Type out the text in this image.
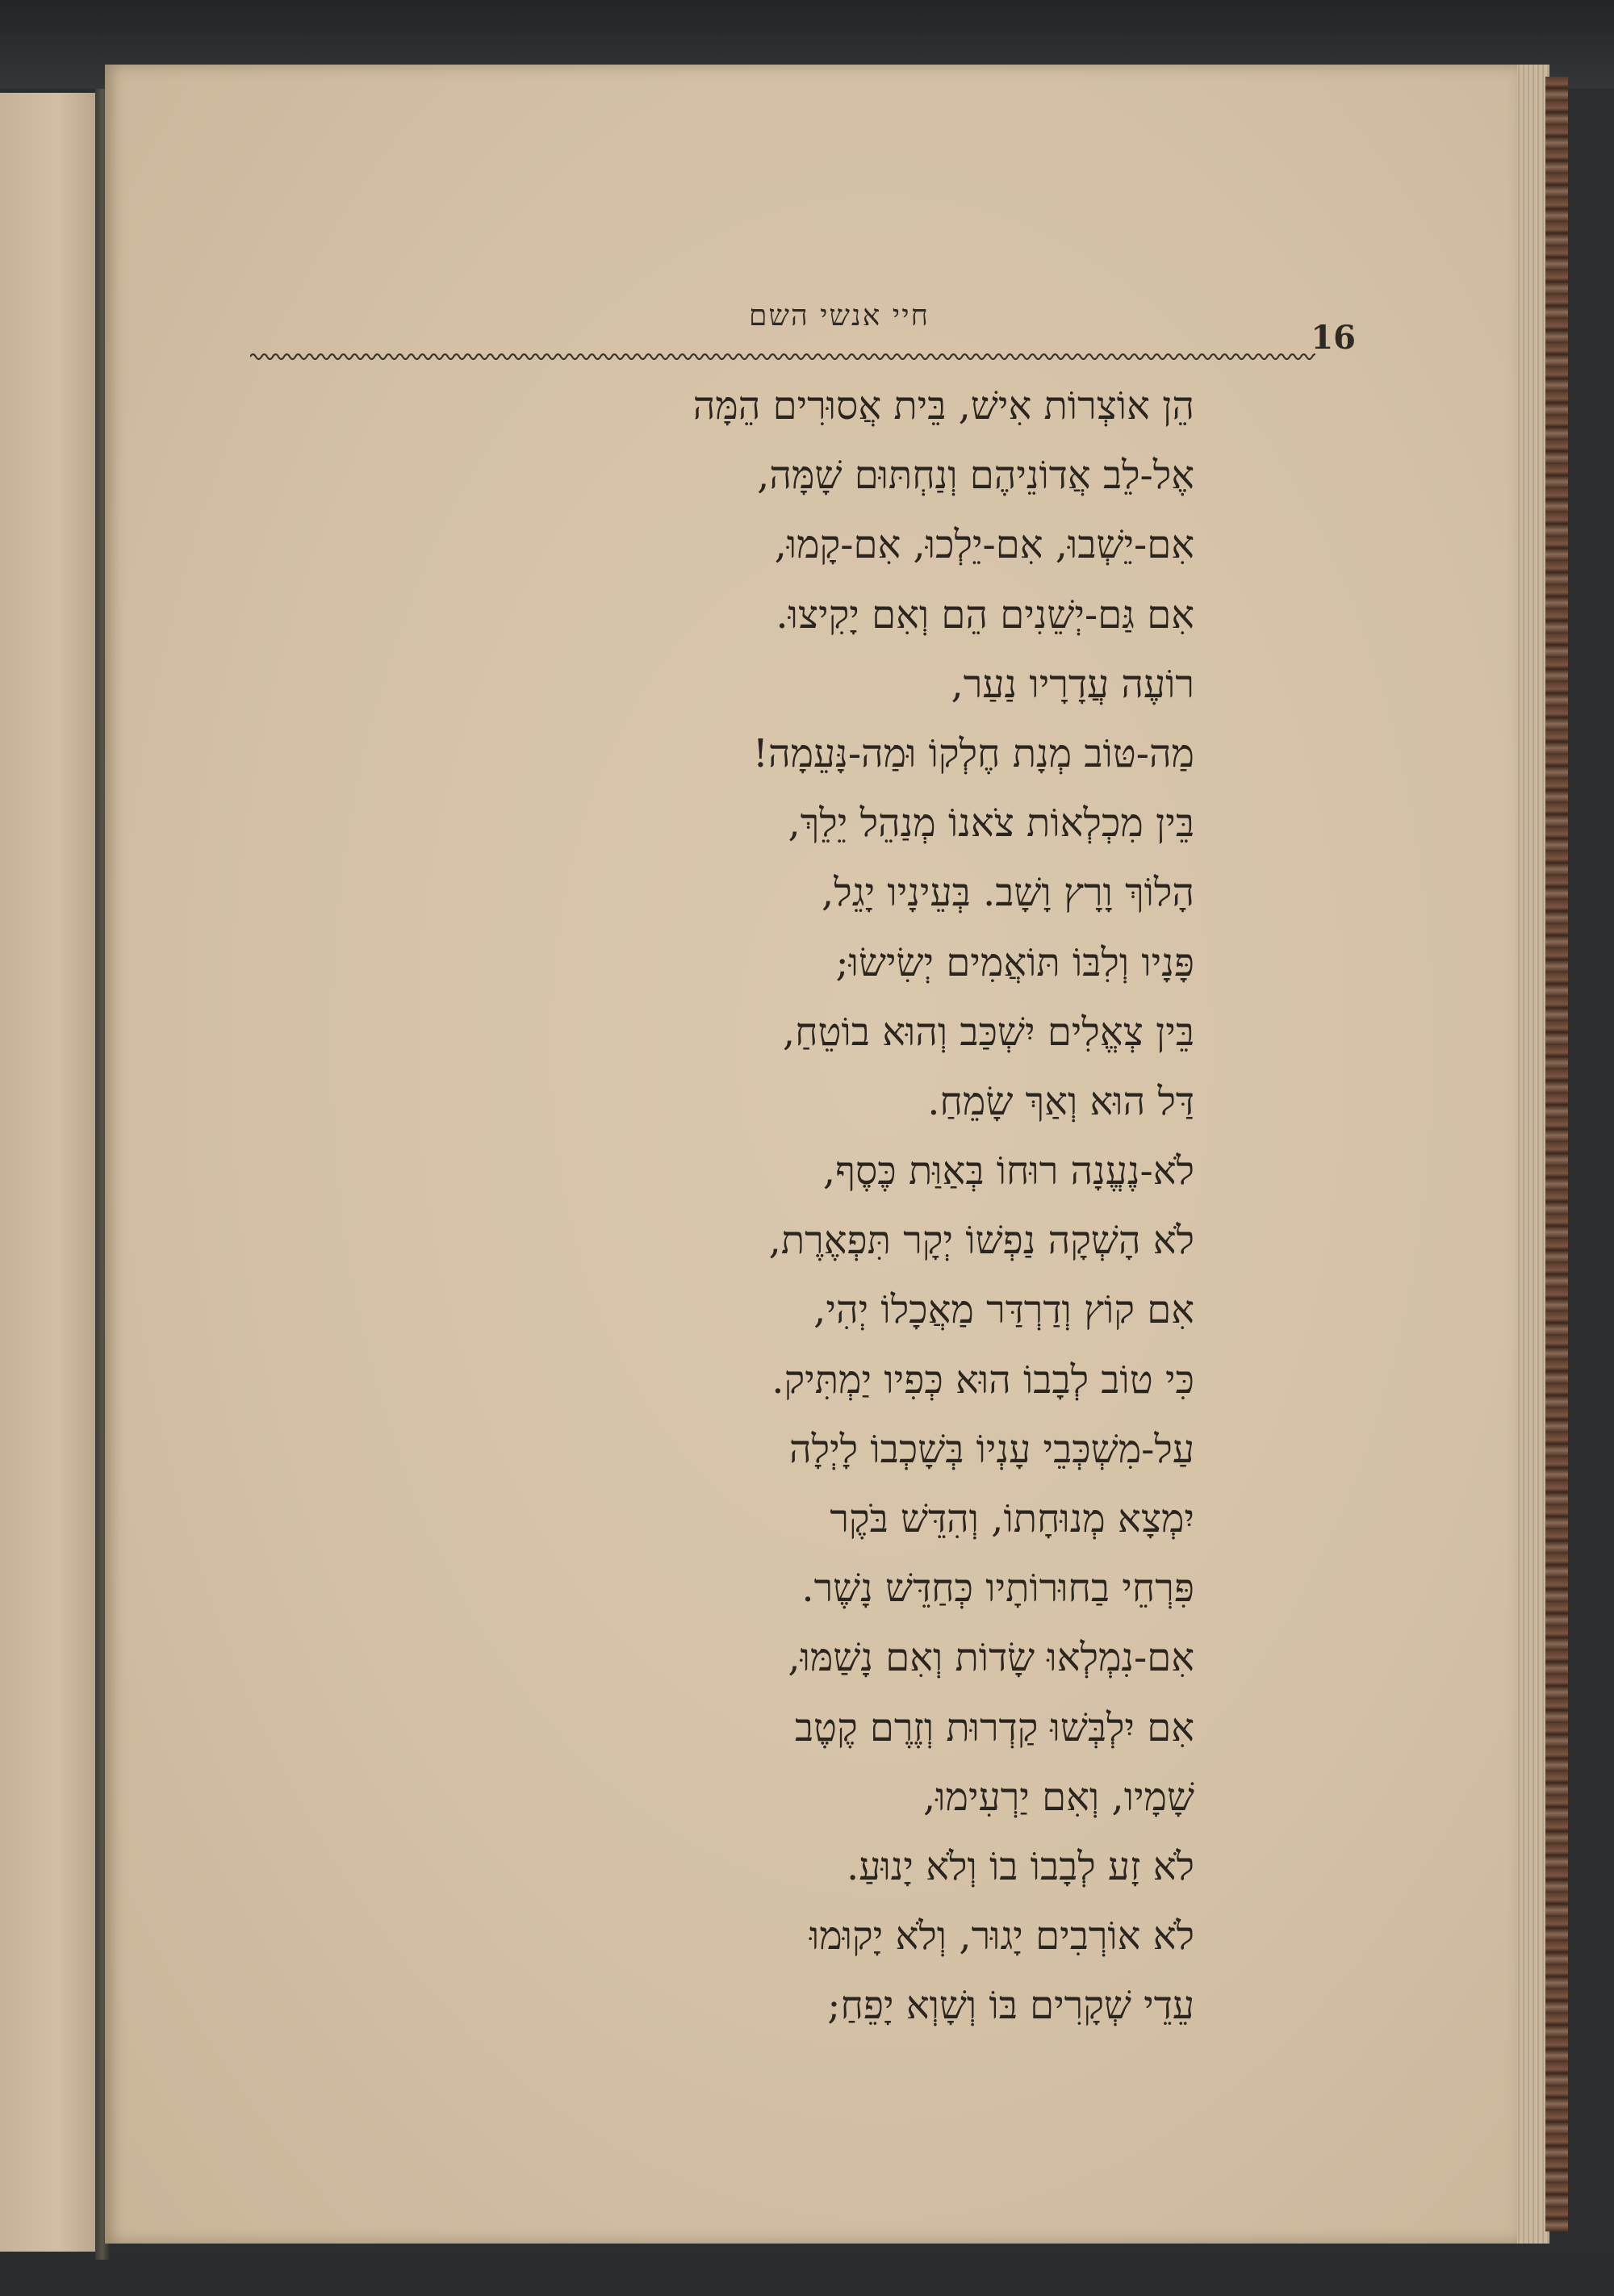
חיי אנשי השם
16
הֵן אוֹצְרוֹת אִישׁ, בֵּית אֲסוּרִים הֵמָּה
אֶל-לֵב אֲדוֹנֵיהֶם וְנַחְתּוּם שָׁמָּה,
אִם-יֵשְׁבוּ, אִם-יֵלְכוּ, אִם-קָמוּ,
אִם גַּם-יְשֵׁנִים הֵם וְאִם יָקִיצוּ.
רוֹעֶה עֲדָרָיו נַעַר,
מַה-טּוֹב מְנָת חֶלְקוֹ וּמַה-נָּעֵמָה!
בֵּין מִכְלְאוֹת צֹאנוֹ מְנַהֵל יֵלֵךְ,
הָלוֹךְ וָרָץ וָשָׁב. בְּעֵינָיו יָגֵל,
פָּנָיו וְלִבּוֹ תּוֹאֲמִים יְשִׂישׂוּ;
בֵּין צְאֱלִים יִשְׁכַּב וְהוּא בוֹטֵחַ,
דַּל הוּא וְאַךְ שָׂמֵחַ.
לֹא-נֶעֱנָה רוּחוֹ בְּאַוַּת כֶּסֶף,
לֹא הָשְׁקָה נַפְשׁוֹ יְקָר תִּפְאֶרֶת,
אִם קוֹץ וְדַרְדַּר מַאֲכָלוֹ יְהִי,
כִּי טוֹב לְבָבוֹ הוּא כְּפִיו יַמְתִּיק.
עַל-מִשְׁכְּבֵי עָנְיוֹ בְּשָׁכְבוֹ לָיְלָה
יִמְצָא מְנוּחָתוֹ, וְהִדֵּשׁ בֹּקֶר
פִּרְחֵי בַחוּרוֹתָיו כְּחַדֵּשׁ נָשֶׁר.
אִם-נִמְלְאוּ שָׂדוֹת וְאִם נָשַׁמּוּ,
אִם יִלְבְּשׁוּ קַדְרוּת וְזֶרֶם קֶטֶב
שָׁמָיו, וְאִם יַרְעִימוּ,
לֹא זָע לְבָבוֹ בוֹ וְלֹא יָנוּעַ.
לֹא אוֹרְבִים יָגוּר, וְלֹא יָקוּמוּ
עֵדֵי שְׁקָרִים בּוֹ וְשָׁוְא יָפֵחַ;
